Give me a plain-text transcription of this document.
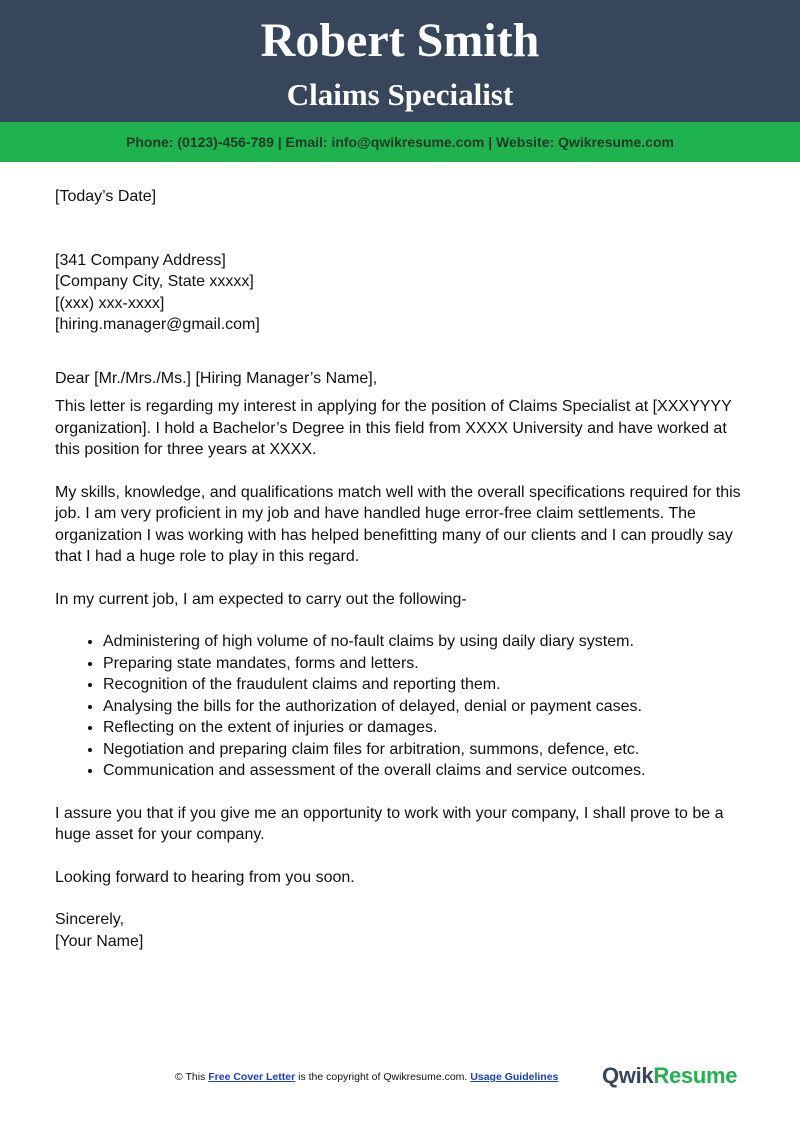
Robert Smith
Claims Specialist
Phone: (0123)-456-789 | Email: info@qwikresume.com | Website: Qwikresume.com

[Today’s Date]

[341 Company Address]

[Company City, State xxxxx]

[(xxx) xxx-xxxx]

[hiring.manager@gmail.com]

Dear [Mr./Mrs./Ms.] [Hiring Manager’s Name],

This letter is regarding my interest in applying for the position of Claims Specialist at [XXXYYYY organization]. I hold a Bachelor’s Degree in this field from XXXX University and have worked at this position for three years at XXXX.

My skills, knowledge, and qualifications match well with the overall specifications required for this job. I am very proficient in my job and have handled huge error-free claim settlements. The organization I was working with has helped benefitting many of our clients and I can proudly say that I had a huge role to play in this regard.

In my current job, I am expected to carry out the following-

• Administering of high volume of no-fault claims by using daily diary system.
• Preparing state mandates, forms and letters.
• Recognition of the fraudulent claims and reporting them.
• Analysing the bills for the authorization of delayed, denial or payment cases.
• Reflecting on the extent of injuries or damages.
• Negotiation and preparing claim files for arbitration, summons, defence, etc.
• Communication and assessment of the overall claims and service outcomes.

I assure you that if you give me an opportunity to work with your company, I shall prove to be a huge asset for your company.

Looking forward to hearing from you soon.

Sincerely,

[Your Name]

© This Free Cover Letter is the copyright of Qwikresume.com. Usage Guidelines QwikResume
